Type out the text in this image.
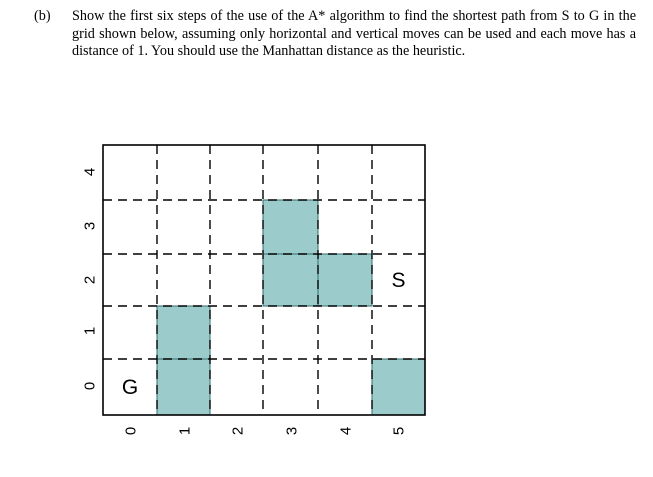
(b) Show the first six steps of the use of the A* algorithm to find the shortest path from S to G in the grid shown below, assuming only horizontal and vertical moves can be used and each move has a distance of 1. You should use the Manhattan distance as the heuristic.
S
G
0 1 2 3 4 5
0
1
2
3
4
